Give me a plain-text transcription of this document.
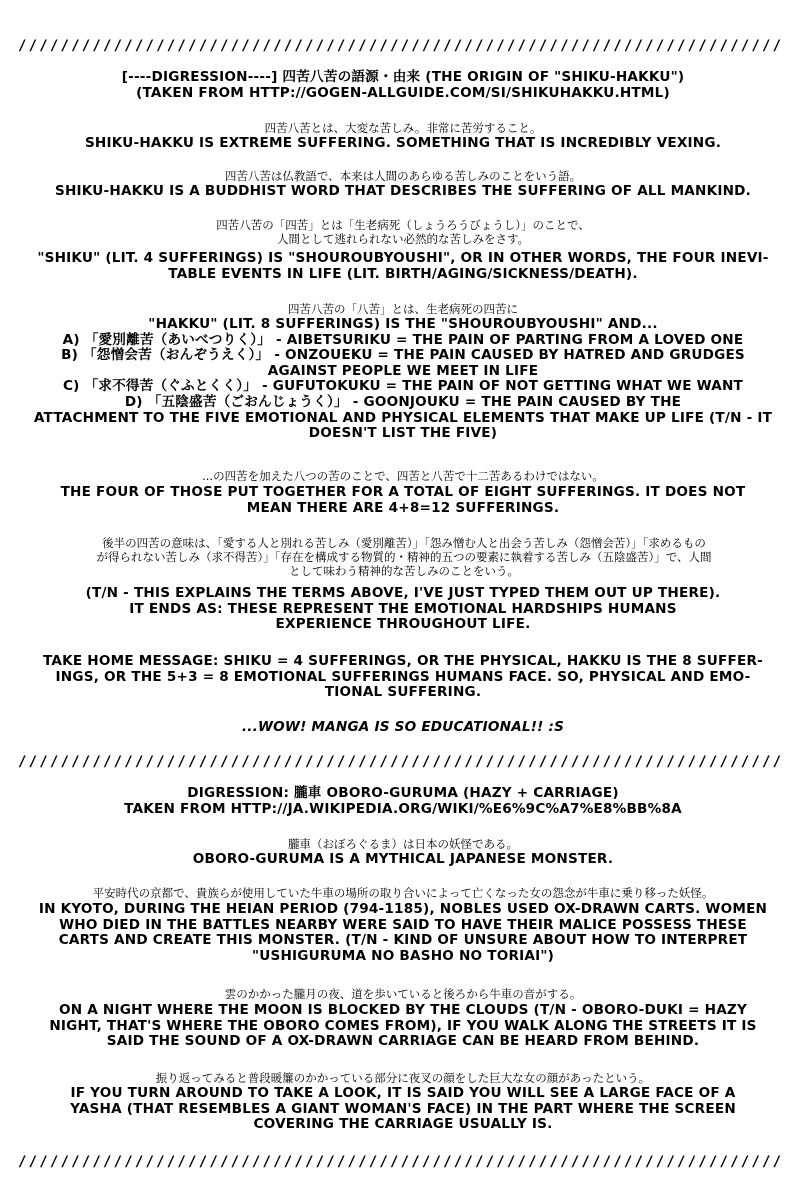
////////////////////////////////////////////////////////////////////////
[----DIGRESSION----] 四苦八苦の語源・由来 (THE ORIGIN OF "SHIKU-HAKKU")
(TAKEN FROM HTTP://GOGEN-ALLGUIDE.COM/SI/SHIKUHAKKU.HTML)
四苦八苦とは、大変な苦しみ。非常に苦労すること。
SHIKU-HAKKU IS EXTREME SUFFERING. SOMETHING THAT IS INCREDIBLY VEXING.
四苦八苦は仏教語で、本来は人間のあらゆる苦しみのことをいう語。
SHIKU-HAKKU IS A BUDDHIST WORD THAT DESCRIBES THE SUFFERING OF ALL MANKIND.
四苦八苦の「四苦」とは「生老病死（しょうろうびょうし）」のことで、
人間として逃れられない必然的な苦しみをさす。
"SHIKU" (LIT. 4 SUFFERINGS) IS "SHOUROUBYOUSHI", OR IN OTHER WORDS, THE FOUR INEVI-
TABLE EVENTS IN LIFE (LIT. BIRTH/AGING/SICKNESS/DEATH).
四苦八苦の「八苦」とは、生老病死の四苦に
"HAKKU" (LIT. 8 SUFFERINGS) IS THE "SHOUROUBYOUSHI" AND...
A) 「愛別離苦（あいべつりく）」 - AIBETSURIKU = THE PAIN OF PARTING FROM A LOVED ONE
B) 「怨憎会苦（おんぞうえく）」 - ONZOUEKU = THE PAIN CAUSED BY HATRED AND GRUDGES
AGAINST PEOPLE WE MEET IN LIFE
C) 「求不得苦（ぐふとくく）」 - GUFUTOKUKU = THE PAIN OF NOT GETTING WHAT WE WANT
D) 「五陰盛苦（ごおんじょうく）」 - GOONJOUKU = THE PAIN CAUSED BY THE
ATTACHMENT TO THE FIVE EMOTIONAL AND PHYSICAL ELEMENTS THAT MAKE UP LIFE (T/N - IT
DOESN'T LIST THE FIVE)
...の四苦を加えた八つの苦のことで、四苦と八苦で十二苦あるわけではない。
THE FOUR OF THOSE PUT TOGETHER FOR A TOTAL OF EIGHT SUFFERINGS. IT DOES NOT
MEAN THERE ARE 4+8=12 SUFFERINGS.
後半の四苦の意味は、「愛する人と別れる苦しみ（愛別離苦）」「怨み憎む人と出会う苦しみ（怨憎会苦）」「求めるもの
が得られない苦しみ（求不得苦）」「存在を構成する物質的・精神的五つの要素に執着する苦しみ（五陰盛苦）」で、人間
として味わう精神的な苦しみのことをいう。
(T/N - THIS EXPLAINS THE TERMS ABOVE, I'VE JUST TYPED THEM OUT UP THERE).
IT ENDS AS: THESE REPRESENT THE EMOTIONAL HARDSHIPS HUMANS
EXPERIENCE THROUGHOUT LIFE.
TAKE HOME MESSAGE: SHIKU = 4 SUFFERINGS, OR THE PHYSICAL, HAKKU IS THE 8 SUFFER-
INGS, OR THE 5+3 = 8 EMOTIONAL SUFFERINGS HUMANS FACE. SO, PHYSICAL AND EMO-
TIONAL SUFFERING.
...WOW! MANGA IS SO EDUCATIONAL!! :S
////////////////////////////////////////////////////////////////////////
DIGRESSION: 朧車 OBORO-GURUMA (HAZY + CARRIAGE)
TAKEN FROM HTTP://JA.WIKIPEDIA.ORG/WIKI/%E6%9C%A7%E8%BB%8A
朧車（おぼろぐるま）は日本の妖怪である。
OBORO-GURUMA IS A MYTHICAL JAPANESE MONSTER.
平安時代の京都で、貴族らが使用していた牛車の場所の取り合いによって亡くなった女の怨念が牛車に乗り移った妖怪。
IN KYOTO, DURING THE HEIAN PERIOD (794-1185), NOBLES USED OX-DRAWN CARTS. WOMEN
WHO DIED IN THE BATTLES NEARBY WERE SAID TO HAVE THEIR MALICE POSSESS THESE
CARTS AND CREATE THIS MONSTER. (T/N - KIND OF UNSURE ABOUT HOW TO INTERPRET
"USHIGURUMA NO BASHO NO TORIAI")
雲のかかった朧月の夜、道を歩いていると後ろから牛車の音がする。
ON A NIGHT WHERE THE MOON IS BLOCKED BY THE CLOUDS (T/N - OBORO-DUKI = HAZY
NIGHT, THAT'S WHERE THE OBORO COMES FROM), IF YOU WALK ALONG THE STREETS IT IS
SAID THE SOUND OF A OX-DRAWN CARRIAGE CAN BE HEARD FROM BEHIND.
振り返ってみると普段暖簾のかかっている部分に夜叉の顔をした巨大な女の顔があったという。
IF YOU TURN AROUND TO TAKE A LOOK, IT IS SAID YOU WILL SEE A LARGE FACE OF A
YASHA (THAT RESEMBLES A GIANT WOMAN'S FACE) IN THE PART WHERE THE SCREEN
COVERING THE CARRIAGE USUALLY IS.
////////////////////////////////////////////////////////////////////////
